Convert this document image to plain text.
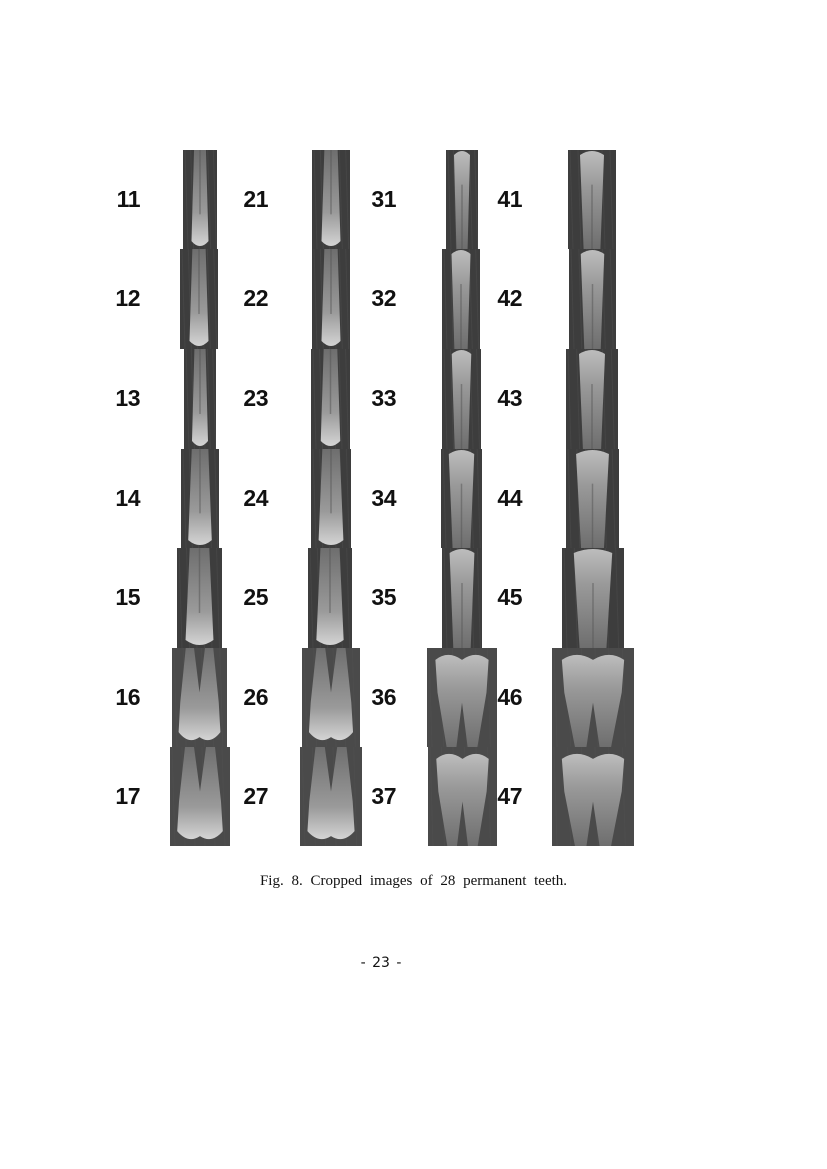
11
12
13
14
15
16
17
21
22
23
24
25
26
27
31
32
33
34
35
36
37
41
42
43
44
45
46
47
Fig. 8. Cropped images of 28 permanent teeth.
- 23 -
